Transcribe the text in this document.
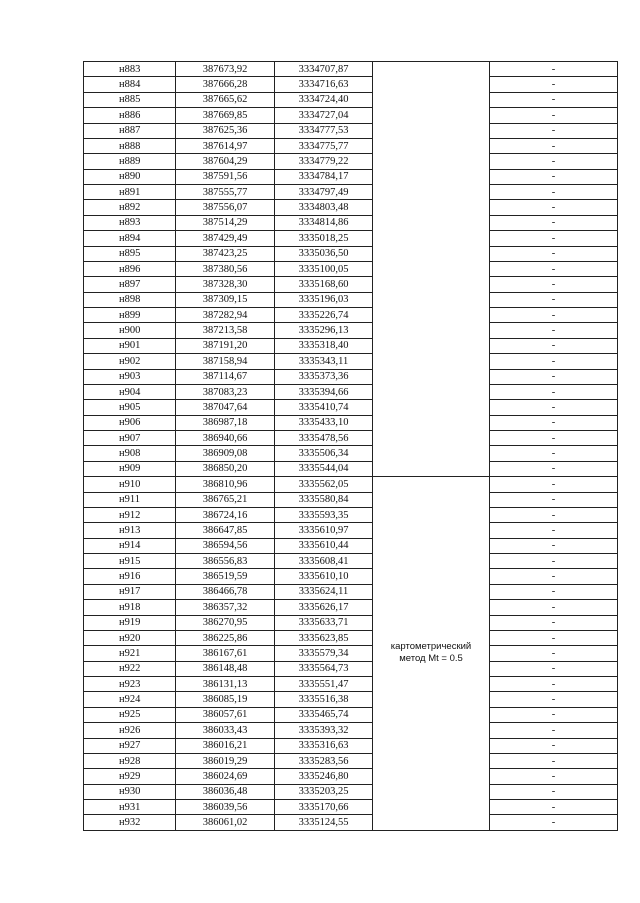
н883	387673,92	3334707,87		-
н884	387666,28	3334716,63		-
н885	387665,62	3334724,40		-
н886	387669,85	3334727,04		-
н887	387625,36	3334777,53		-
н888	387614,97	3334775,77		-
н889	387604,29	3334779,22		-
н890	387591,56	3334784,17		-
н891	387555,77	3334797,49		-
н892	387556,07	3334803,48		-
н893	387514,29	3334814,86		-
н894	387429,49	3335018,25		-
н895	387423,25	3335036,50		-
н896	387380,56	3335100,05		-
н897	387328,30	3335168,60		-
н898	387309,15	3335196,03		-
н899	387282,94	3335226,74		-
н900	387213,58	3335296,13		-
н901	387191,20	3335318,40		-
н902	387158,94	3335343,11		-
н903	387114,67	3335373,36		-
н904	387083,23	3335394,66		-
н905	387047,64	3335410,74		-
н906	386987,18	3335433,10		-
н907	386940,66	3335478,56		-
н908	386909,08	3335506,34		-
н909	386850,20	3335544,04		-
н910	386810,96	3335562,05	картометрический
метод Mt = 0.5	-
н911	386765,21	3335580,84		-
н912	386724,16	3335593,35		-
н913	386647,85	3335610,97		-
н914	386594,56	3335610,44		-
н915	386556,83	3335608,41		-
н916	386519,59	3335610,10		-
н917	386466,78	3335624,11		-
н918	386357,32	3335626,17		-
н919	386270,95	3335633,71		-
н920	386225,86	3335623,85		-
н921	386167,61	3335579,34		-
н922	386148,48	3335564,73		-
н923	386131,13	3335551,47		-
н924	386085,19	3335516,38		-
н925	386057,61	3335465,74		-
н926	386033,43	3335393,32		-
н927	386016,21	3335316,63		-
н928	386019,29	3335283,56		-
н929	386024,69	3335246,80		-
н930	386036,48	3335203,25		-
н931	386039,56	3335170,66		-
н932	386061,02	3335124,55		-
